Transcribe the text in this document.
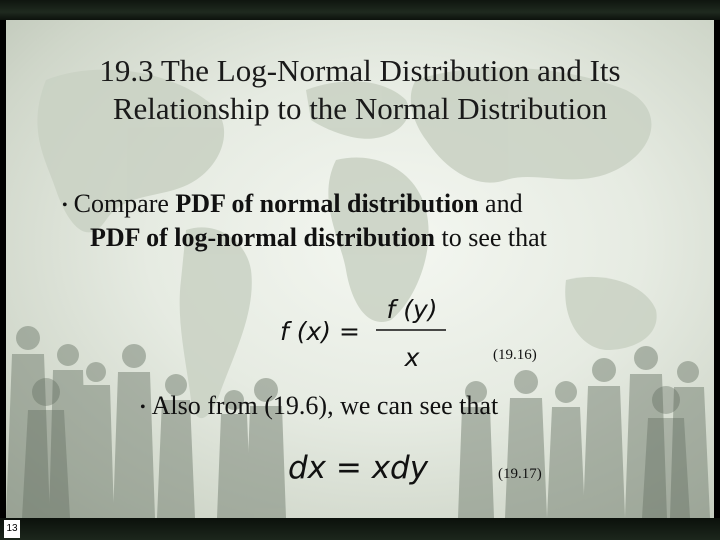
19.3 The Log-Normal Distribution and Its
Relationship to the Normal Distribution
• Compare PDF of normal distribution and
PDF of log-normal distribution to see that
f (x) =
f (y)
x	(19.16)
• Also from (19.6), we can see that
dx = xdy	(19.17)
13
